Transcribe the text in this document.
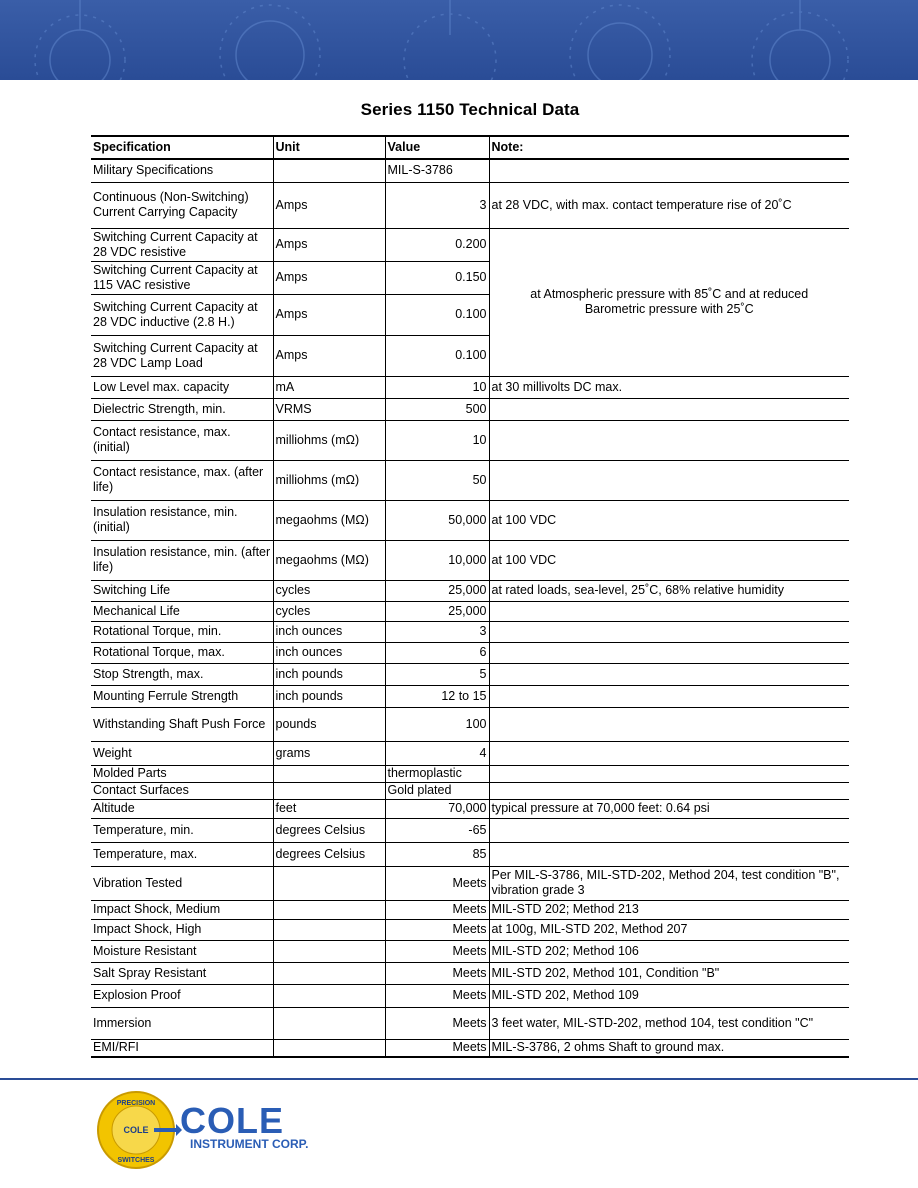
Series 1150 Technical Data
Specification	Unit	Value	Note:
Military Specifications		MIL-S-3786	
Continuous (Non-Switching) Current Carrying Capacity	Amps	3	at 28 VDC, with max. contact temperature rise of 20˚C
Switching Current Capacity at 28 VDC resistive	Amps	0.200	at Atmospheric pressure with 85˚C and at reduced Barometric pressure with 25˚C
Switching Current Capacity at 115 VAC resistive	Amps	0.150	
Switching Current Capacity at 28 VDC inductive (2.8 H.)	Amps	0.100	
Switching Current Capacity at 28 VDC Lamp Load	Amps	0.100	
Low Level max. capacity	mA	10	at 30 millivolts DC max.
Dielectric Strength, min.	VRMS	500	
Contact resistance, max. (initial)	milliohms (mΩ)	10	
Contact resistance, max. (after life)	milliohms (mΩ)	50	
Insulation resistance, min. (initial)	megaohms (MΩ)	50,000	at 100 VDC
Insulation resistance, min. (after life)	megaohms (MΩ)	10,000	at 100 VDC
Switching Life	cycles	25,000	at rated loads, sea-level, 25˚C, 68% relative humidity
Mechanical Life	cycles	25,000	
Rotational Torque, min.	inch ounces	3	
Rotational Torque, max.	inch ounces	6	
Stop Strength, max.	inch pounds	5	
Mounting Ferrule Strength	inch pounds	12 to 15	
Withstanding Shaft Push Force	pounds	100	
Weight	grams	4	
Molded Parts		thermoplastic	
Contact Surfaces		Gold plated	
Altitude	feet	70,000	typical pressure at 70,000 feet: 0.64 psi
Temperature, min.	degrees Celsius	-65	
Temperature, max.	degrees Celsius	85	
Vibration Tested		Meets	Per MIL-S-3786, MIL-STD-202, Method 204, test condition "B", vibration grade 3
Impact Shock, Medium		Meets	MIL-STD 202; Method 213
Impact Shock, High		Meets	at 100g, MIL-STD 202, Method 207
Moisture Resistant		Meets	MIL-STD 202; Method 106
Salt Spray Resistant		Meets	MIL-STD 202, Method 101, Condition "B"
Explosion Proof		Meets	MIL-STD 202, Method 109
Immersion		Meets	3 feet water, MIL-STD-202, method 104, test condition "C"
EMI/RFI		Meets	MIL-S-3786, 2 ohms Shaft to ground max.
PRECISION
SWITCHES
COLE COLE
INSTRUMENT CORP.
